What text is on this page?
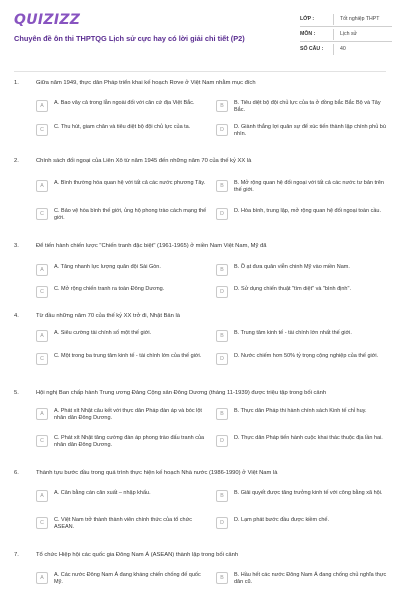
QUIZIZZ
Chuyên đề ôn thi THPTQG Lịch sử cực hay có lời giải chi tiết (P2)
LỚP :	Tốt nghiệp THPT
MÔN :	Lịch sử
SỐ CÂU :	40
1.	Giữa năm 1949, thực dân Pháp triển khai kế hoạch Rơve ở Việt Nam nhằm mục đích
A	A. Bao vây cả trong lẫn ngoài đối với căn cứ địa Việt Bắc.	B	B. Tiêu diệt bộ đội chủ lực của ta ở đồng bắc Bắc Bộ và Tây Bắc.
C	C. Thu hút, giam chân và tiêu diệt bộ đội chủ lực của ta.	D	D. Giành thắng lợi quân sự để xúc tiến thành lập chính phủ bù nhìn.
2.	Chính sách đối ngoại của Liên Xô từ năm 1945 đến những năm 70 của thế kỷ XX là
A	A. Bình thường hóa quan hệ với tất cả các nước phương Tây.	B	B. Mở rộng quan hệ đối ngoại với tất cả các nước tư bản trên thế giới.
C	C. Bảo vệ hòa bình thế giới, ủng hộ phong trào cách mạng thế giới.
D	D. Hòa bình, trung lập, mở rộng quan hệ đối ngoại toàn cầu.
3.	Để tiến hành chiến lược "Chiến tranh đặc biệt" (1961-1965) ở miền Nam Việt Nam, Mỹ đã
A	A. Tăng nhanh lực lượng quân đội Sài Gòn.	B	B. Ồ ạt đưa quân viễn chinh Mỹ vào miền Nam.
C	C. Mở rộng chiến tranh ra toàn Đông Dương.	D	D. Sử dụng chiến thuật "tìm diệt" và "bình định".
4.	Từ đầu những năm 70 của thế kỷ XX trở đi, Nhật Bản là
A	A. Siêu cường tài chính số một thế giới.	B	B. Trung tâm kinh tế - tài chính lớn nhất thế giới.
C	C. Một trong ba trung tâm kinh tế - tài chính lớn của thế giới.	D	D. Nước chiếm hơn 50% tỷ trọng cộng nghiệp của thế giới.
5.	Hội nghị Ban chấp hành Trung ương Đảng Cộng sản Đông Dương (tháng 11-1939) được triệu tập trong bối cảnh
A	A. Phát xít Nhật câu kết với thực dân Pháp đàn áp và bóc lột nhân dân Đông Dương.
B	B. Thực dân Pháp thi hành chính sách Kinh tế chỉ huy.
C	C. Phát xít Nhật tăng cường đàn áp phong trào đấu tranh của nhân dân Đông Dương.
D	D. Thực dân Pháp tiến hành cuộc khai thác thuộc địa lần hai.
6.	Thành tựu bước đầu trong quá trình thực hiện kế hoạch Nhà nước (1986-1990) ở Việt Nam là
A	A. Cân bằng cán cân xuất – nhập khẩu.	B	B. Giải quyết được tăng trưởng kinh tế với công bằng xã hội.
C	C. Việt Nam trở thành thành viên chính thức của tổ chức ASEAN.
D	D. Lạm phát bước đầu được kiềm chế.
7.	Tổ chức Hiệp hội các quốc gia Đông Nam Á (ASEAN) thành lập trong bối cảnh
A	A. Các nước Đông Nam Á đang kháng chiến chống đế quốc Mỹ.
B	B. Hầu hết các nước Đông Nam Á đang chống chủ nghĩa thực dân cũ.
